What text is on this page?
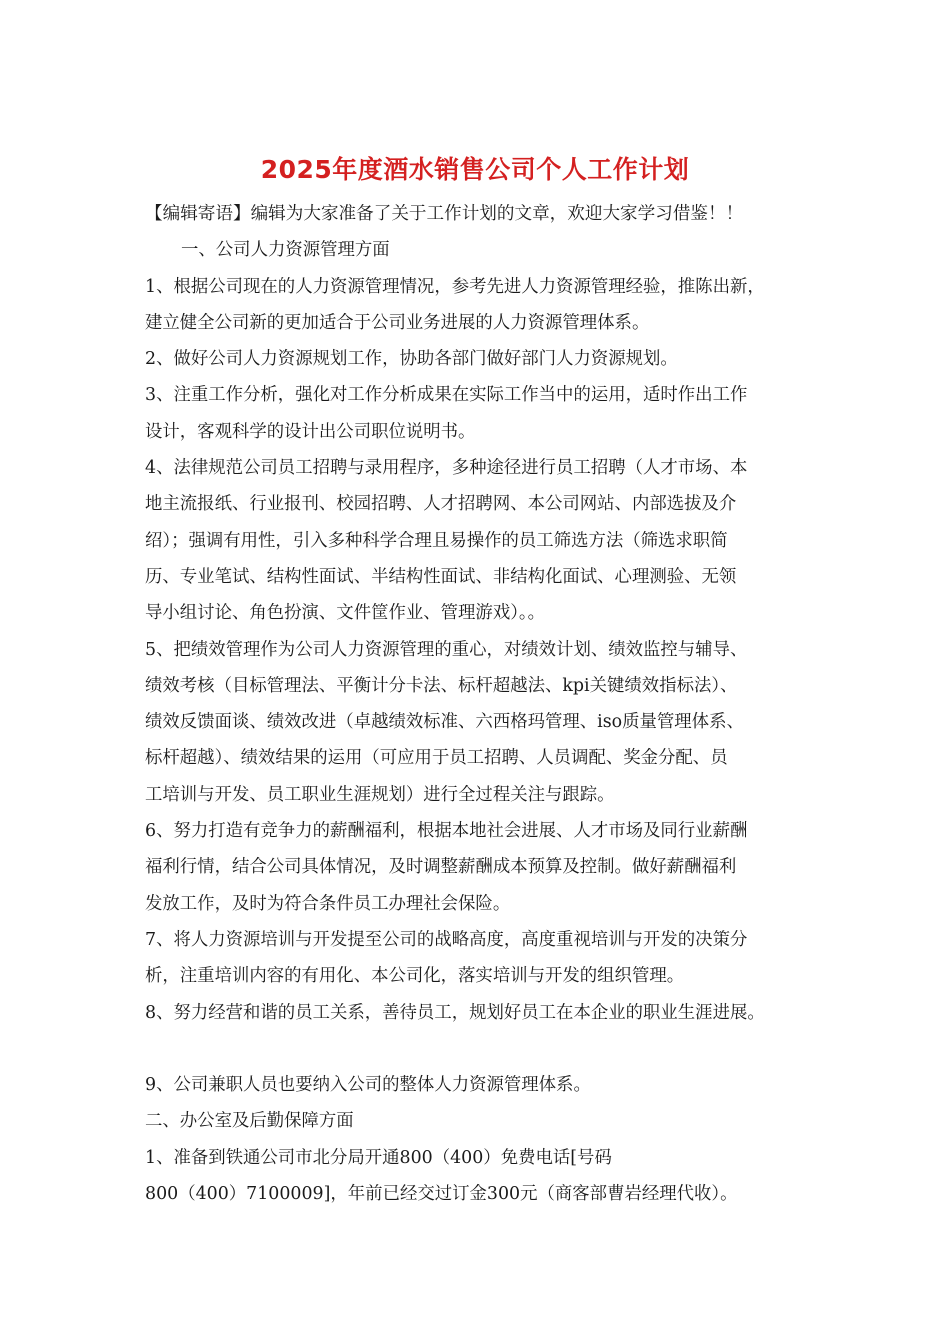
2025年度酒水销售公司个人工作计划
【编辑寄语】编辑为大家准备了关于工作计划的文章，欢迎大家学习借鉴！！
一、公司人力资源管理方面
1、根据公司现在的人力资源管理情况，参考先进人力资源管理经验，推陈出新，
建立健全公司新的更加适合于公司业务进展的人力资源管理体系。
2、做好公司人力资源规划工作，协助各部门做好部门人力资源规划。
3、注重工作分析，强化对工作分析成果在实际工作当中的运用，适时作出工作
设计，客观科学的设计出公司职位说明书。
4、法律规范公司员工招聘与录用程序，多种途径进行员工招聘（人才市场、本
地主流报纸、行业报刊、校园招聘、人才招聘网、本公司网站、内部选拔及介
绍）；强调有用性，引入多种科学合理且易操作的员工筛选方法（筛选求职简
历、专业笔试、结构性面试、半结构性面试、非结构化面试、心理测验、无领
导小组讨论、角色扮演、文件筐作业、管理游戏）。。
5、把绩效管理作为公司人力资源管理的重心，对绩效计划、绩效监控与辅导、
绩效考核（目标管理法、平衡计分卡法、标杆超越法、kpi关键绩效指标法）、
绩效反馈面谈、绩效改进（卓越绩效标准、六西格玛管理、iso质量管理体系、
标杆超越）、绩效结果的运用（可应用于员工招聘、人员调配、奖金分配、员
工培训与开发、员工职业生涯规划）进行全过程关注与跟踪。
6、努力打造有竞争力的薪酬福利，根据本地社会进展、人才市场及同行业薪酬
福利行情，结合公司具体情况，及时调整薪酬成本预算及控制。做好薪酬福利
发放工作，及时为符合条件员工办理社会保险。
7、将人力资源培训与开发提至公司的战略高度，高度重视培训与开发的决策分
析，注重培训内容的有用化、本公司化，落实培训与开发的组织管理。
8、努力经营和谐的员工关系，善待员工，规划好员工在本企业的职业生涯进展。
9、公司兼职人员也要纳入公司的整体人力资源管理体系。
二、办公室及后勤保障方面
1、准备到铁通公司市北分局开通800（400）免费电话[号码
800（400）7100009]，年前已经交过订金300元（商客部曹岩经理代收）。
